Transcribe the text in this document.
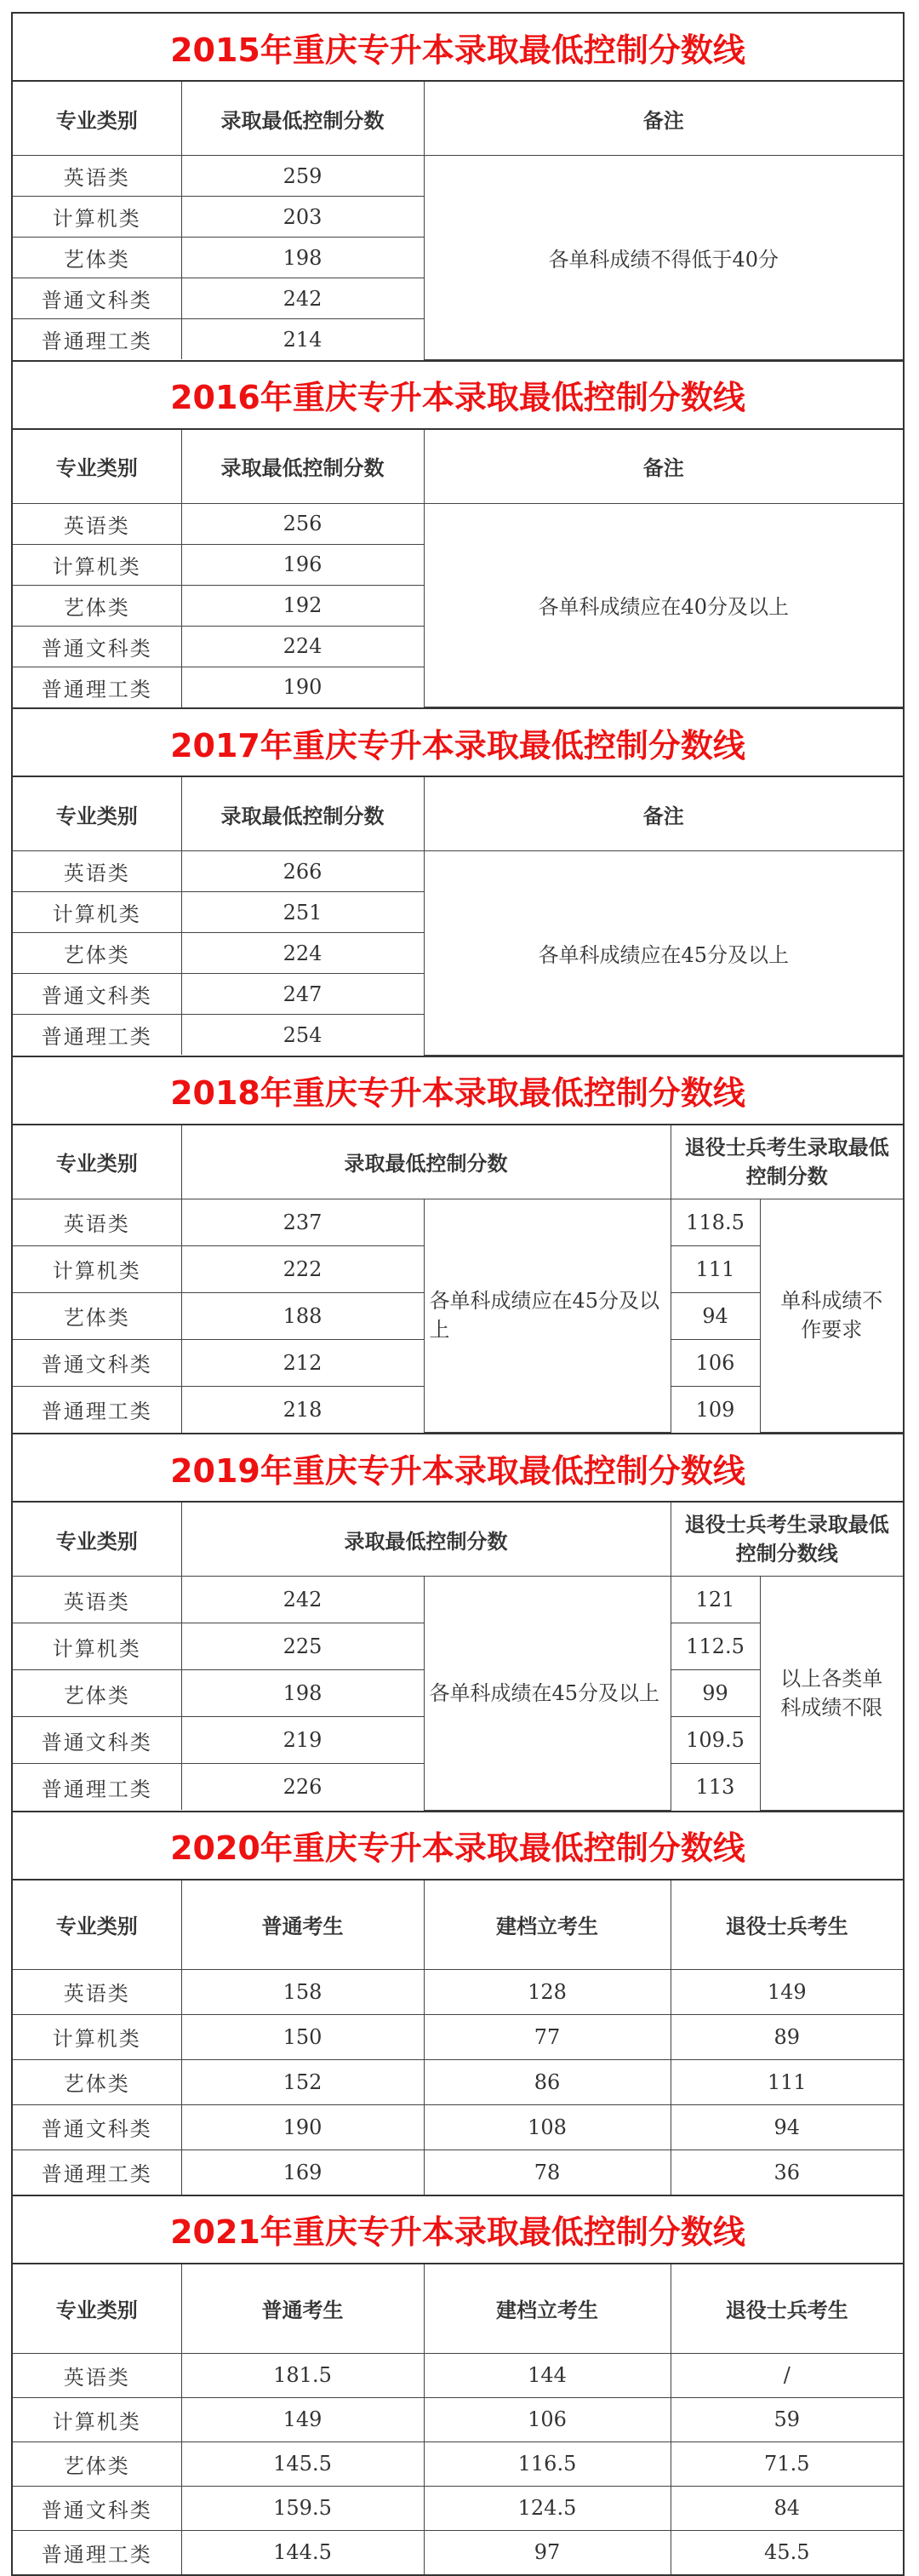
2015年重庆专升本录取最低控制分数线
专业类别	录取最低控制分数	备注
英语类	259	各单科成绩不得低于40分
计算机类	203	
艺体类	198	
普通文科类	242	
普通理工类	214	
2016年重庆专升本录取最低控制分数线
专业类别	录取最低控制分数	备注
英语类	256	各单科成绩应在40分及以上
计算机类	196	
艺体类	192	
普通文科类	224	
普通理工类	190	
2017年重庆专升本录取最低控制分数线
专业类别	录取最低控制分数	备注
英语类	266	各单科成绩应在45分及以上
计算机类	251	
艺体类	224	
普通文科类	247	
普通理工类	254	
2018年重庆专升本录取最低控制分数线
专业类别	录取最低控制分数		退役士兵考生录取最低控制分数	
英语类	237	各单科成绩应在45分及以上	118.5	单科成绩不作要求
计算机类	222		111	
艺体类	188		94	
普通文科类	212		106	
普通理工类	218		109	
2019年重庆专升本录取最低控制分数线
专业类别	录取最低控制分数		退役士兵考生录取最低控制分数线	
英语类	242	各单科成绩在45分及以上	121	以上各类单科成绩不限
计算机类	225		112.5	
艺体类	198		99	
普通文科类	219		109.5	
普通理工类	226		113	
2020年重庆专升本录取最低控制分数线
专业类别	普通考生	建档立考生	退役士兵考生
英语类	158	128	149
计算机类	150	77	89
艺体类	152	86	111
普通文科类	190	108	94
普通理工类	169	78	36
2021年重庆专升本录取最低控制分数线
专业类别	普通考生	建档立考生	退役士兵考生
英语类	181.5	144	/
计算机类	149	106	59
艺体类	145.5	116.5	71.5
普通文科类	159.5	124.5	84
普通理工类	144.5	97	45.5
